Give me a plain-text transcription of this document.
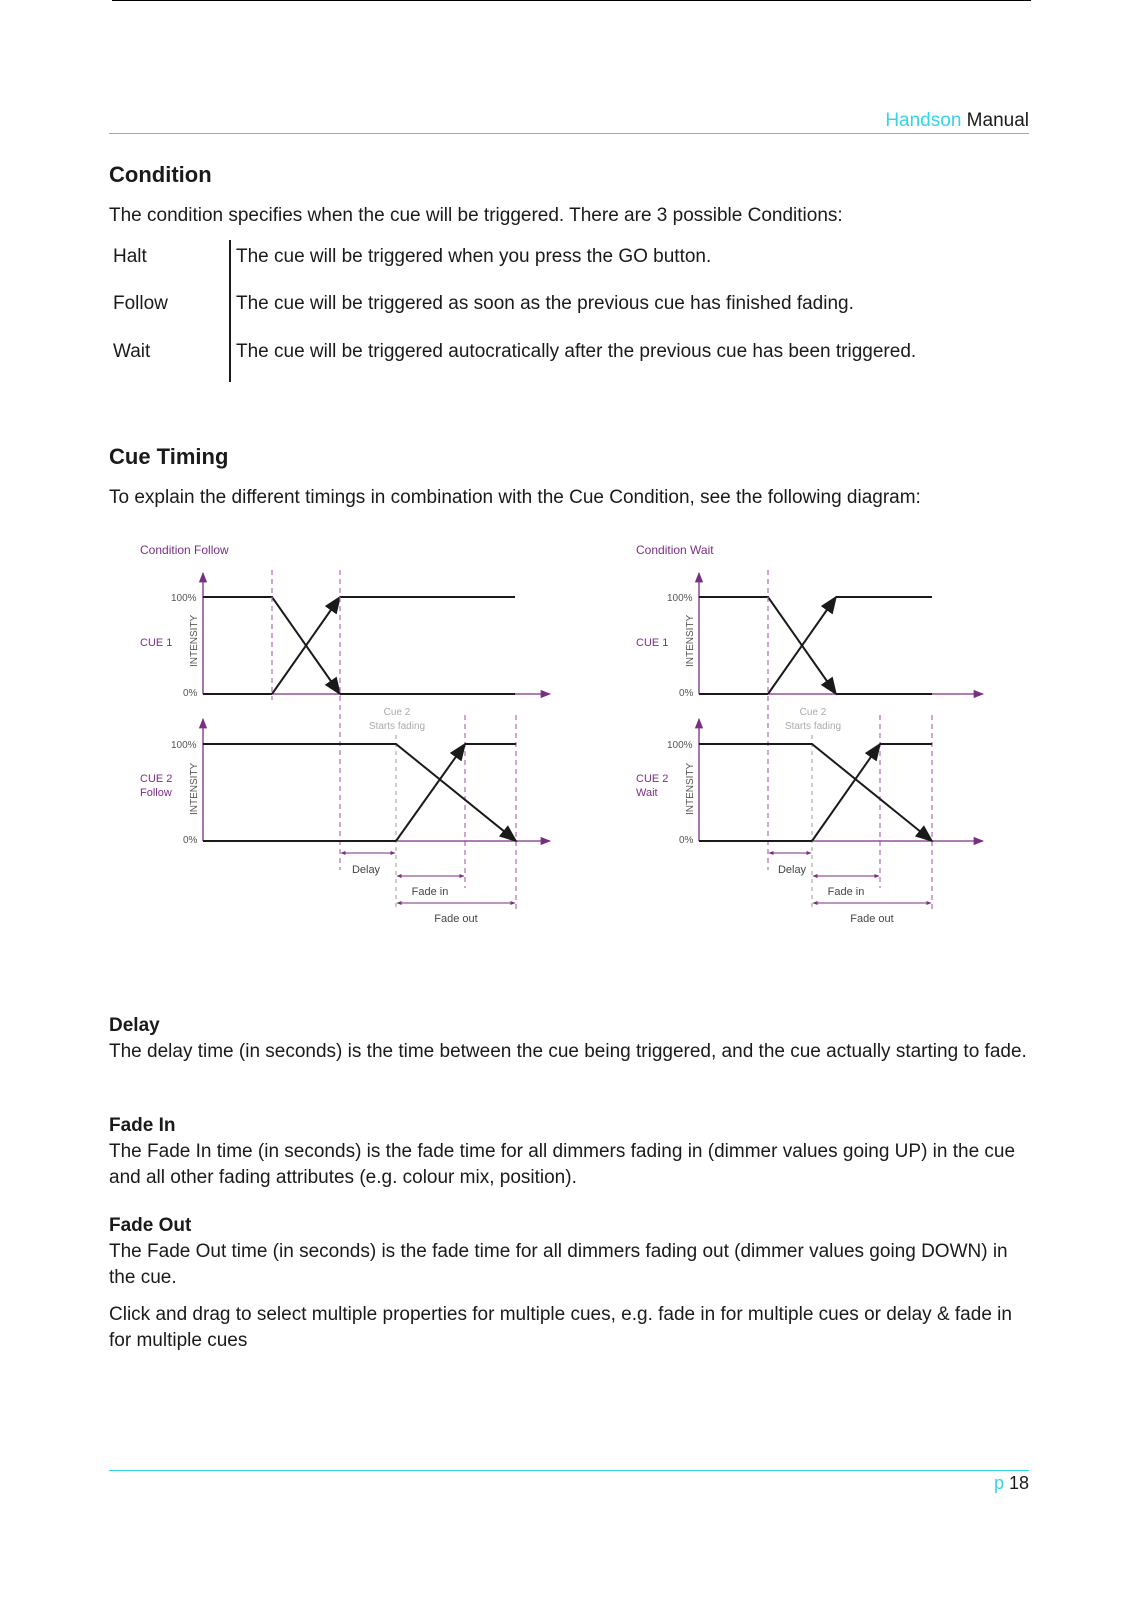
Handson Manual
Condition
The condition specifies when the cue will be triggered. There are 3 possible Conditions:
Halt	The cue will be triggered when you press the GO button.
Follow	The cue will be triggered as soon as the previous cue has finished fading.
Wait	The cue will be triggered autocratically after the previous cue has been triggered.
Cue Timing
To explain the different timings in combination with the Cue Condition, see the following diagram:
Condition Follow
100%
0%
CUE 1 INTENSITY
Cue 2
Starts fading
100%
0%
CUE 2
Follow INTENSITY
Delay
Fade in
Fade out
Condition Wait
100%
0%
CUE 1 INTENSITY
Cue 2
Starts fading
100%
0%
CUE 2
Wait	INTENSITY
Delay
Fade in
Fade out
Delay
The delay time (in seconds) is the time between the cue being triggered, and the cue actually starting to fade.
Fade In
The Fade In time (in seconds) is the fade time for all dimmers fading in (dimmer values going UP) in the cue and all other fading attributes (e.g. colour mix, position).
Fade Out
The Fade Out time (in seconds) is the fade time for all dimmers fading out (dimmer values going DOWN) in the cue.
Click and drag to select multiple properties for multiple cues, e.g. fade in for multiple cues or delay & fade in for multiple cues
p 18
